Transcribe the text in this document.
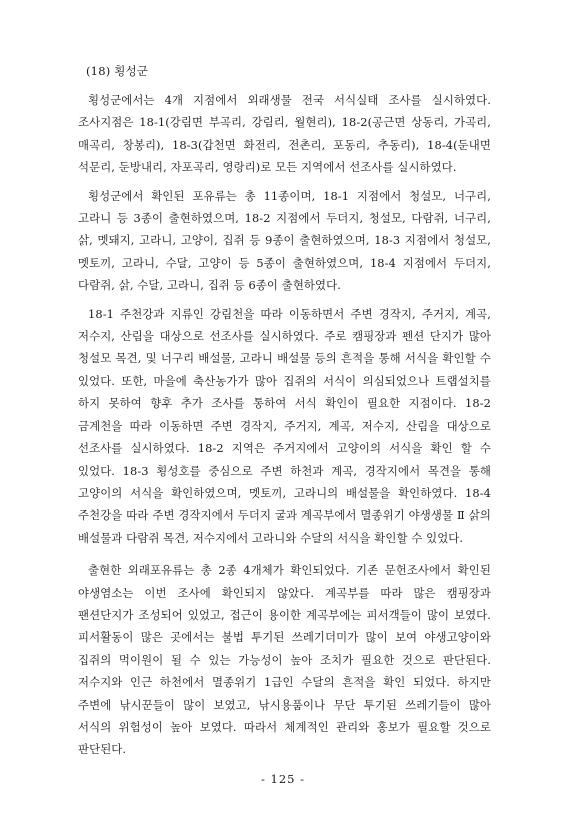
(18) 횡성군

횡성군에서는 4개 지점에서 외래생물 전국 서식실태 조사를 실시하였다. 조사지점은 18-1(강림면 부곡리, 강림리, 월현리), 18-2(공근면 상동리, 가곡리, 매곡리, 창봉리), 18-3(갑천면 화전리, 전촌리, 포동리, 추동리), 18-4(둔내면 석문리, 둔방내리, 자포곡리, 영랑리)로 모든 지역에서 선조사를 실시하였다.

횡성군에서 확인된 포유류는 총 11종이며, 18-1 지점에서 청설모, 너구리, 고라니 등 3종이 출현하였으며, 18-2 지점에서 두더지, 청설모, 다람쥐, 너구리, 삵, 멧돼지, 고라니, 고양이, 집쥐 등 9종이 출현하였으며, 18-3 지점에서 청설모, 멧토끼, 고라니, 수달, 고양이 등 5종이 출현하였으며, 18-4 지점에서 두더지, 다람쥐, 삵, 수달, 고라니, 집쥐 등 6종이 출현하였다.

18-1 주천강과 지류인 강림천을 따라 이동하면서 주변 경작지, 주거지, 계곡, 저수지, 산림을 대상으로 선조사를 실시하였다. 주로 캠핑장과 펜션 단지가 많아 청설모 목견, 및 너구리 배설물, 고라니 배설물 등의 흔적을 통해 서식을 확인할 수 있었다. 또한, 마을에 축산농가가 많아 집쥐의 서식이 의심되었으나 트랩설치를 하지 못하여 향후 추가 조사를 통하여 서식 확인이 필요한 지점이다. 18-2 금계천을 따라 이동하면 주변 경작지, 주거지, 계곡, 저수지, 산림을 대상으로 선조사를 실시하였다. 18-2 지역은 주거지에서 고양이의 서식을 확인 할 수 있었다. 18-3 횡성호를 중심으로 주변 하천과 계곡, 경작지에서 목견을 통해 고양이의 서식을 확인하였으며, 멧토끼, 고라니의 배설물을 확인하였다. 18-4 주천강을 따라 주변 경작지에서 두더지 굴과 계곡부에서 멸종위기 야생생물 Ⅱ 삵의 배설물과 다람쥐 목견, 저수지에서 고라니와 수달의 서식을 확인할 수 있었다.

출현한 외래포유류는 총 2종 4개체가 확인되었다. 기존 문헌조사에서 확인된 야생염소는 이번 조사에 확인되지 않았다. 계곡부를 따라 많은 캠핑장과 팬션단지가 조성되어 있었고, 접근이 용이한 계곡부에는 피서객들이 많이 보였다. 피서활동이 많은 곳에서는 불법 투기된 쓰레기더미가 많이 보여 야생고양이와 집쥐의 먹이원이 될 수 있는 가능성이 높아 조치가 필요한 것으로 판단된다. 저수지와 인근 하천에서 멸종위기 1급인 수달의 흔적을 확인 되었다. 하지만 주변에 낚시꾼들이 많이 보였고, 낚시용품이나 무단 투기된 쓰레기들이 많아 서식의 위험성이 높아 보였다. 따라서 체계적인 관리와 홍보가 필요할 것으로 판단된다.

- 125 -
